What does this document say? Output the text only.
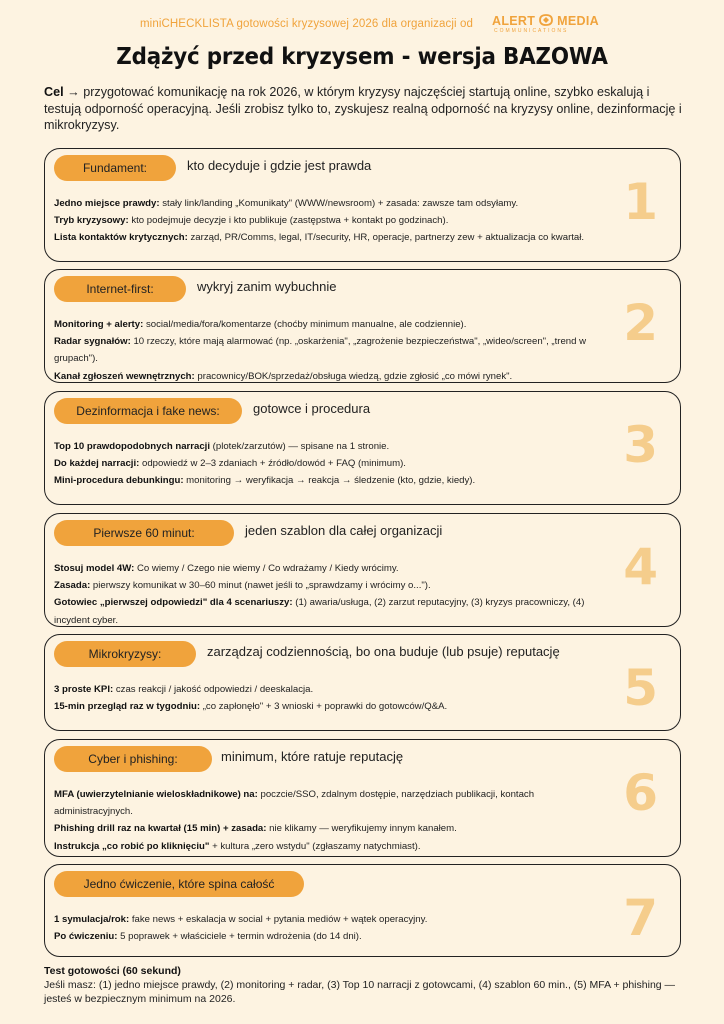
miniCHECKLISTA gotowości kryzysowej 2026 dla organizacji od ALERT MEDIA
COMMUNICATIONS
Zdążyć przed kryzysem - wersja BAZOWA

Cel → przygotować komunikację na rok 2026, w którym kryzysy najczęściej startują online, szybko eskalują i testują odporność operacyjną. Jeśli zrobisz tylko to, zyskujesz realną odporność na kryzysy online, dezinformację i mikrokryzysy.

Fundament:	kto decyduje i gdzie jest prawda
Jedno miejsce prawdy: stały link/landing „Komunikaty" (WWW/newsroom) + zasada: zawsze tam odsyłamy.
Tryb kryzysowy: kto podejmuje decyzje i kto publikuje (zastępstwa + kontakt po godzinach).
Lista kontaktów krytycznych: zarząd, PR/Comms, legal, IT/security, HR, operacje, partnerzy zew + aktualizacja co kwartał.
1
Internet-first:	wykryj zanim wybuchnie
Monitoring + alerty: social/media/fora/komentarze (choćby minimum manualne, ale codziennie).
Radar sygnałów: 10 rzeczy, które mają alarmować (np. „oskarżenia", „zagrożenie bezpieczeństwa", „wideo/screen", „trend w grupach").
Kanał zgłoszeń wewnętrznych: pracownicy/BOK/sprzedaż/obsługa wiedzą, gdzie zgłosić „co mówi rynek".
2
Dezinformacja i fake news:	gotowce i procedura
Top 10 prawdopodobnych narracji (plotek/zarzutów) — spisane na 1 stronie.
Do każdej narracji: odpowiedź w 2–3 zdaniach + źródło/dowód + FAQ (minimum).
Mini-procedura debunkingu: monitoring → weryfikacja → reakcja → śledzenie (kto, gdzie, kiedy).
3
Pierwsze 60 minut:	jeden szablon dla całej organizacji
Stosuj model 4W: Co wiemy / Czego nie wiemy / Co wdrażamy / Kiedy wrócimy.
Zasada: pierwszy komunikat w 30–60 minut (nawet jeśli to „sprawdzamy i wrócimy o...").
Gotowiec „pierwszej odpowiedzi" dla 4 scenariuszy: (1) awaria/usługa, (2) zarzut reputacyjny, (3) kryzys pracowniczy, (4) incydent cyber.
4
Mikrokryzysy:	zarządzaj codziennością, bo ona buduje (lub psuje) reputację
3 proste KPI: czas reakcji / jakość odpowiedzi / deeskalacja.
15-min przegląd raz w tygodniu: „co zapłonęło" + 3 wnioski + poprawki do gotowców/Q&A.	5
Cyber i phishing:	minimum, które ratuje reputację
MFA (uwierzytelnianie wieloskładnikowe) na: poczcie/SSO, zdalnym dostępie, narzędziach publikacji, kontach administracyjnych.
Phishing drill raz na kwartał (15 min) + zasada: nie klikamy — weryfikujemy innym kanałem.
Instrukcja „co robić po kliknięciu" + kultura „zero wstydu" (zgłaszamy natychmiast).
6
Jedno ćwiczenie, które spina całość
1 symulacja/rok: fake news + eskalacja w social + pytania mediów + wątek operacyjny.
Po ćwiczeniu: 5 poprawek + właściciele + termin wdrożenia (do 14 dni).	7
Test gotowości (60 sekund)
Jeśli masz: (1) jedno miejsce prawdy, (2) monitoring + radar, (3) Top 10 narracji z gotowcami, (4) szablon 60 min., (5) MFA + phishing — jesteś w bezpiecznym minimum na 2026.
